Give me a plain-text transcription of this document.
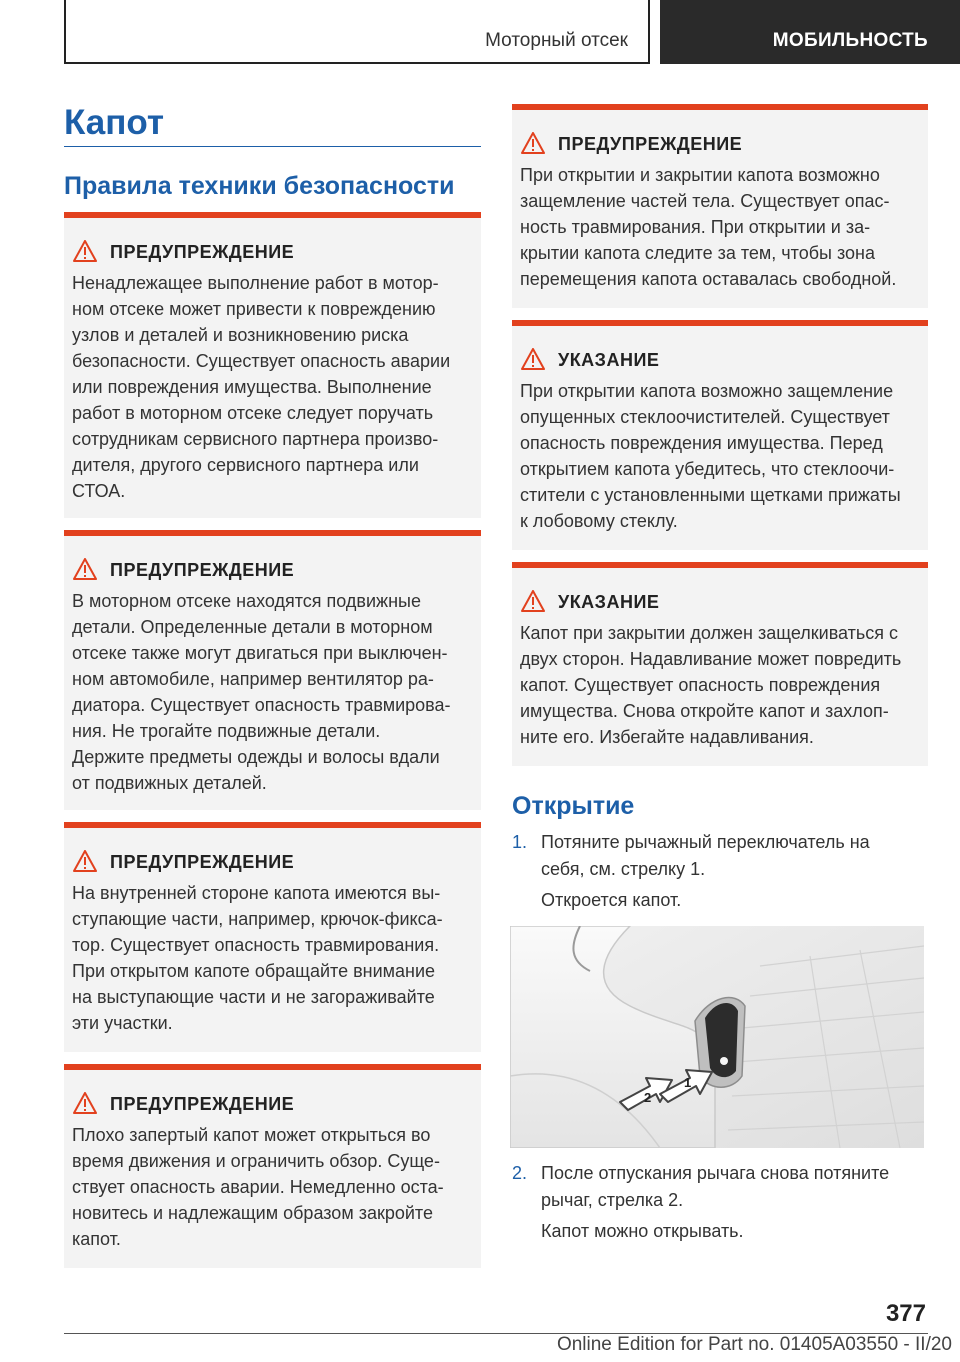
Моторный отсек	МОБИЛЬНОСТЬ
Капот
Правила техники безопасности
ПРЕДУПРЕЖДЕНИЕ
Ненадлежащее выполнение работ в мотор-
ном отсеке может привести к повреждению
узлов и деталей и возникновению риска
безопасности. Существует опасность аварии
или повреждения имущества. Выполнение
работ в моторном отсеке следует поручать
сотрудникам сервисного партнера произво-
дителя, другого сервисного партнера или
СТОА.
ПРЕДУПРЕЖДЕНИЕ
В моторном отсеке находятся подвижные
детали. Определенные детали в моторном
отсеке также могут двигаться при выключен-
ном автомобиле, например вентилятор ра-
диатора. Существует опасность травмирова-
ния. Не трогайте подвижные детали.
Держите предметы одежды и волосы вдали
от подвижных деталей.
ПРЕДУПРЕЖДЕНИЕ
На внутренней стороне капота имеются вы-
ступающие части, например, крючок-фикса-
тор. Существует опасность травмирования.
При открытом капоте обращайте внимание
на выступающие части и не загораживайте
эти участки.
ПРЕДУПРЕЖДЕНИЕ
Плохо запертый капот может открыться во
время движения и ограничить обзор. Суще-
ствует опасность аварии. Немедленно оста-
новитесь и надлежащим образом закройте
капот.
ПРЕДУПРЕЖДЕНИЕ
При открытии и закрытии капота возможно
защемление частей тела. Существует опас-
ность травмирования. При открытии и за-
крытии капота следите за тем, чтобы зона
перемещения капота оставалась свободной.
УКАЗАНИЕ
При открытии капота возможно защемление
опущенных стеклоочистителей. Существует
опасность повреждения имущества. Перед
открытием капота убедитесь, что стеклоочи-
стители с установленными щетками прижаты
к лобовому стеклу.
УКАЗАНИЕ
Капот при закрытии должен защелкиваться с
двух сторон. Надавливание может повредить
капот. Существует опасность повреждения
имущества. Снова откройте капот и захлоп-
ните его. Избегайте надавливания.
Открытие
1. Потяните рычажный переключатель на
себя, см. стрелку 1.
Откроется капот.
2
1
2. После отпускания рычага снова потяните
рычаг, стрелка 2.
Капот можно открывать.
377
Online Edition for Part no. 01405A03550 - II/20
